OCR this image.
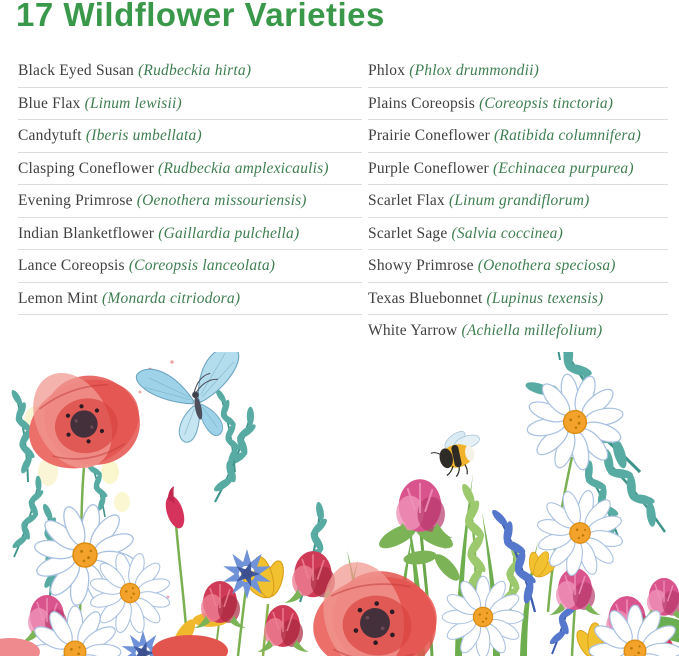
17 Wildflower Varieties
Black Eyed Susan (Rudbeckia hirta)
Blue Flax (Linum lewisii)
Candytuft (Iberis umbellata)
Clasping Coneflower (Rudbeckia amplexicaulis)
Evening Primrose (Oenothera missouriensis)
Indian Blanketflower (Gaillardia pulchella)
Lance Coreopsis (Coreopsis lanceolata)
Lemon Mint (Monarda citriodora)
Phlox (Phlox drummondii)
Plains Coreopsis (Coreopsis tinctoria)
Prairie Coneflower (Ratibida columnifera)
Purple Coneflower (Echinacea purpurea)
Scarlet Flax (Linum grandiflorum)
Scarlet Sage (Salvia coccinea)
Showy Primrose (Oenothera speciosa)
Texas Bluebonnet (Lupinus texensis)
White Yarrow (Achiella millefolium)
